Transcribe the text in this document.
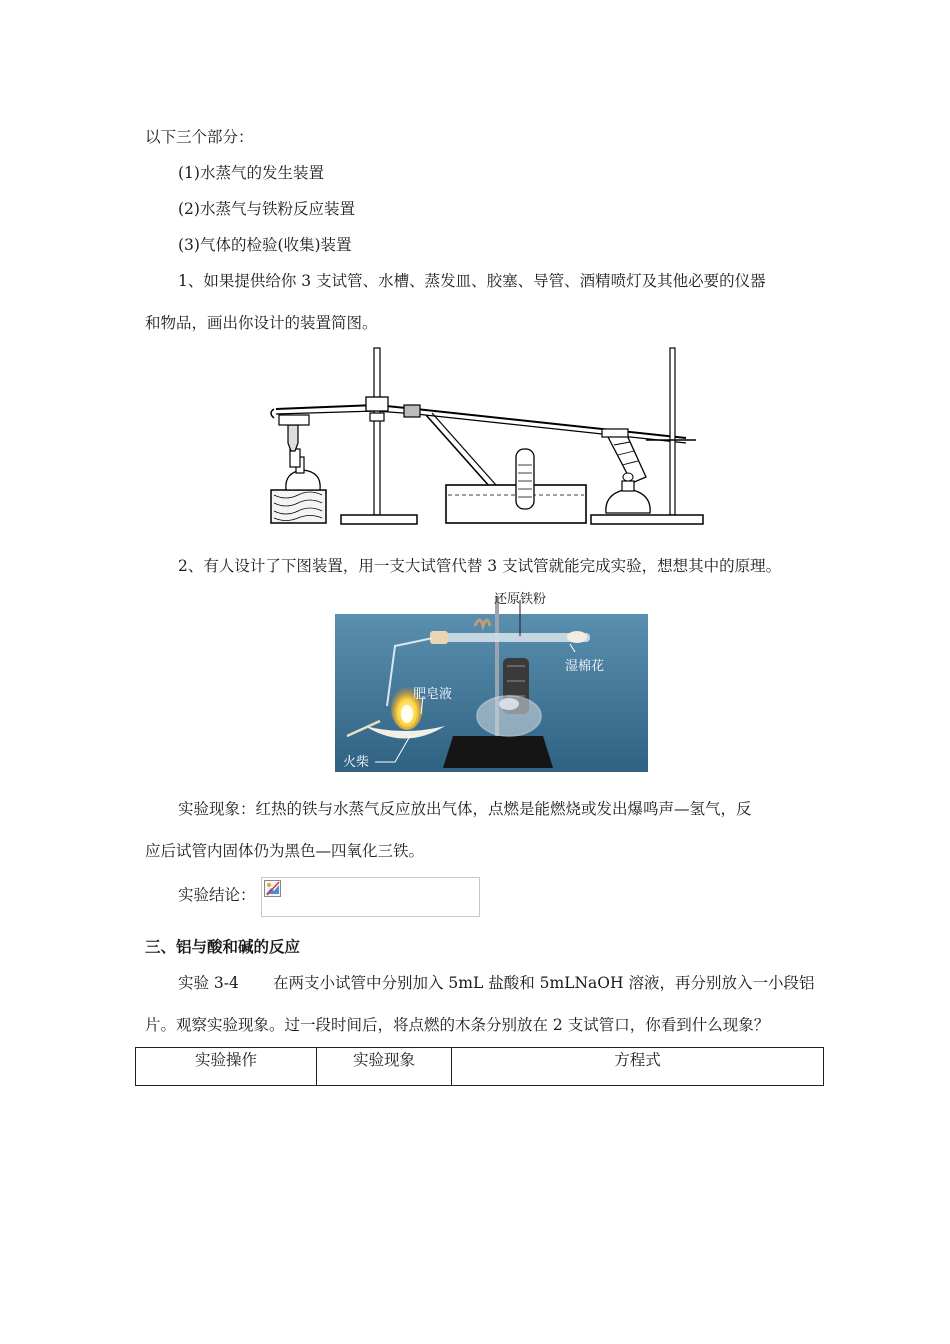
以下三个部分：
(1)水蒸气的发生装置
(2)水蒸气与铁粉反应装置
(3)气体的检验(收集)装置
1、如果提供给你 3 支试管、水槽、蒸发皿、胶塞、导管、酒精喷灯及其他必要的仪器
和物品，画出你设计的装置简图。
2、有人设计了下图装置，用一支大试管代替 3 支试管就能完成实验，想想其中的原理。
还原铁粉
湿棉花
肥皂液
火柴
实验现象：红热的铁与水蒸气反应放出气体，点燃是能燃烧或发出爆鸣声—氢气，反
应后试管内固体仍为黑色—四氧化三铁。
实验结论：
三、铝与酸和碱的反应
实验 3-4 在两支小试管中分别加入 5mL 盐酸和 5mLNaOH 溶液，再分别放入一小段铝
片。观察实验现象。过一段时间后，将点燃的木条分别放在 2 支试管口，你看到什么现象？
实验操作	实验现象	方程式
